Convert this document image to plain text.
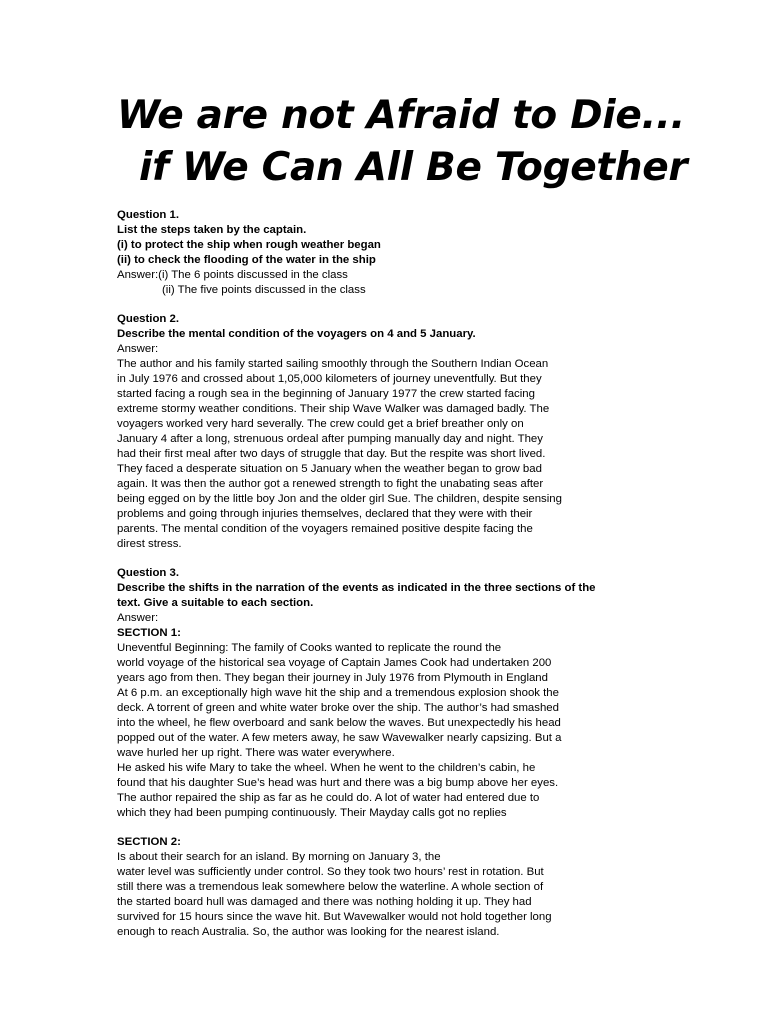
We are not Afraid to Die...
if We Can All Be Together
Question 1.
List the steps taken by the captain.
(i) to protect the ship when rough weather began
(ii) to check the flooding of the water in the ship
Answer:(i) The 6 points discussed in the class
(ii) The five points discussed in the class
Question 2.
Describe the mental condition of the voyagers on 4 and 5 January.
Answer:
The author and his family started sailing smoothly through the Southern Indian Ocean
in July 1976 and crossed about 1,05,000 kilometers of journey uneventfully. But they
started facing a rough sea in the beginning of January 1977 the crew started facing
extreme stormy weather conditions. Their ship Wave Walker was damaged badly. The
voyagers worked very hard severally. The crew could get a brief breather only on
January 4 after a long, strenuous ordeal after pumping manually day and night. They
had their first meal after two days of struggle that day. But the respite was short lived.
They faced a desperate situation on 5 January when the weather began to grow bad
again. It was then the author got a renewed strength to fight the unabating seas after
being egged on by the little boy Jon and the older girl Sue. The children, despite sensing
problems and going through injuries themselves, declared that they were with their
parents. The mental condition of the voyagers remained positive despite facing the
direst stress.
Question 3.
Describe the shifts in the narration of the events as indicated in the three sections of the
text. Give a suitable to each section.
Answer:
SECTION 1:
Uneventful Beginning: The family of Cooks wanted to replicate the round the
world voyage of the historical sea voyage of Captain James Cook had undertaken 200
years ago from then. They began their journey in July 1976 from Plymouth in England
At 6 p.m. an exceptionally high wave hit the ship and a tremendous explosion shook the
deck. A torrent of green and white water broke over the ship. The author’s had smashed
into the wheel, he flew overboard and sank below the waves. But unexpectedly his head
popped out of the water. A few meters away, he saw Wavewalker nearly capsizing. But a
wave hurled her up right. There was water everywhere.
He asked his wife Mary to take the wheel. When he went to the children’s cabin, he
found that his daughter Sue’s head was hurt and there was a big bump above her eyes.
The author repaired the ship as far as he could do. A lot of water had entered due to
which they had been pumping continuously. Their Mayday calls got no replies
SECTION 2:
Is about their search for an island. By morning on January 3, the
water level was sufficiently under control. So they took two hours’ rest in rotation. But
still there was a tremendous leak somewhere below the waterline. A whole section of
the started board hull was damaged and there was nothing holding it up. They had
survived for 15 hours since the wave hit. But Wavewalker would not hold together long
enough to reach Australia. So, the author was looking for the nearest island.
